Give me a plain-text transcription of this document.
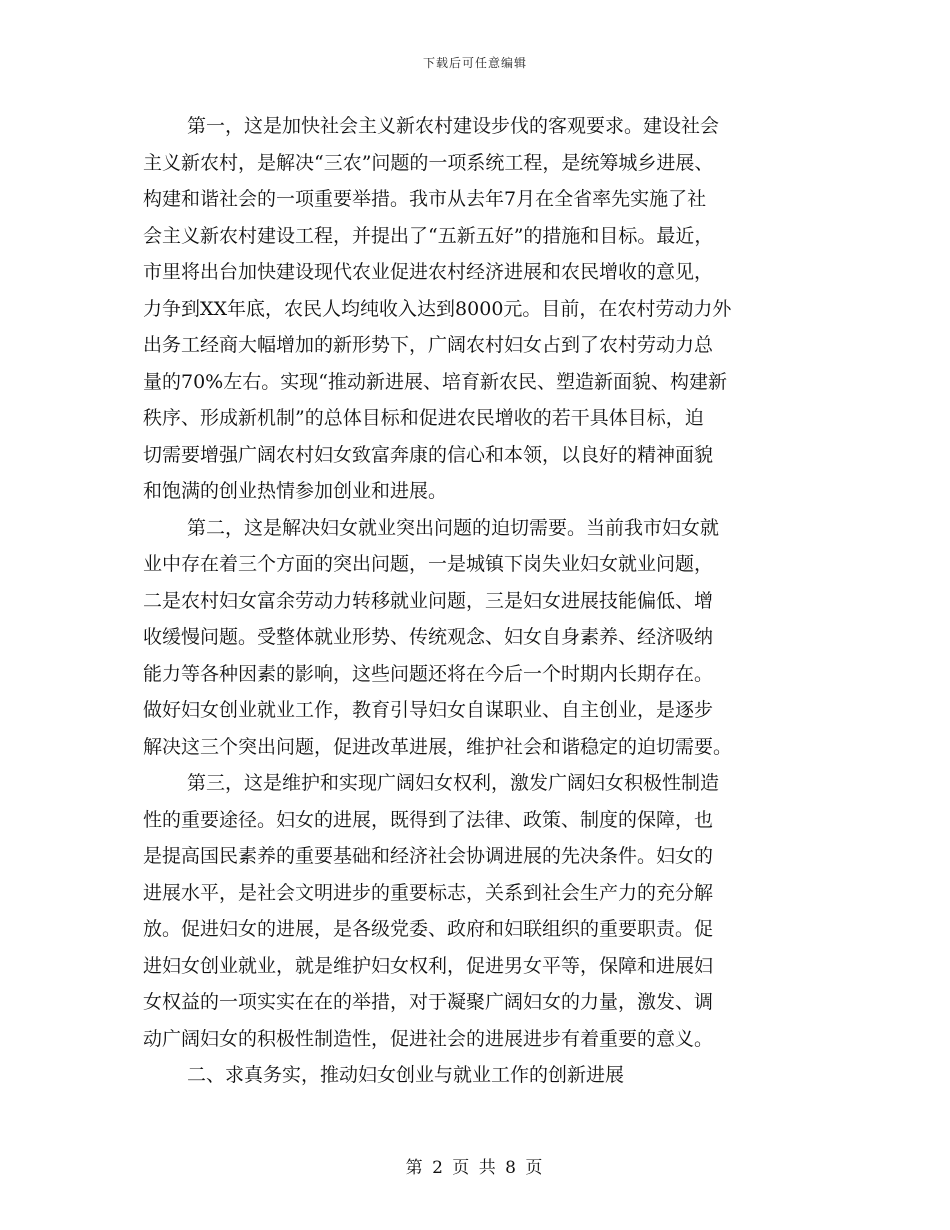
下载后可任意编辑
第一，这是加快社会主义新农村建设步伐的客观要求。建设社会
主义新农村，是解决“三农”问题的一项系统工程，是统筹城乡进展、
构建和谐社会的一项重要举措。我市从去年7月在全省率先实施了社
会主义新农村建设工程，并提出了“五新五好”的措施和目标。最近，
市里将出台加快建设现代农业促进农村经济进展和农民增收的意见，
力争到XX年底，农民人均纯收入达到8000元。目前，在农村劳动力外
出务工经商大幅增加的新形势下，广阔农村妇女占到了农村劳动力总
量的70%左右。实现“推动新进展、培育新农民、塑造新面貌、构建新
秩序、形成新机制”的总体目标和促进农民增收的若干具体目标，迫
切需要增强广阔农村妇女致富奔康的信心和本领，以良好的精神面貌
和饱满的创业热情参加创业和进展。
第二，这是解决妇女就业突出问题的迫切需要。当前我市妇女就
业中存在着三个方面的突出问题，一是城镇下岗失业妇女就业问题，
二是农村妇女富余劳动力转移就业问题，三是妇女进展技能偏低、增
收缓慢问题。受整体就业形势、传统观念、妇女自身素养、经济吸纳
能力等各种因素的影响，这些问题还将在今后一个时期内长期存在。
做好妇女创业就业工作，教育引导妇女自谋职业、自主创业，是逐步
解决这三个突出问题，促进改革进展，维护社会和谐稳定的迫切需要。
第三，这是维护和实现广阔妇女权利，激发广阔妇女积极性制造
性的重要途径。妇女的进展，既得到了法律、政策、制度的保障，也
是提高国民素养的重要基础和经济社会协调进展的先决条件。妇女的
进展水平，是社会文明进步的重要标志，关系到社会生产力的充分解
放。促进妇女的进展，是各级党委、政府和妇联组织的重要职责。促
进妇女创业就业，就是维护妇女权利，促进男女平等，保障和进展妇
女权益的一项实实在在的举措，对于凝聚广阔妇女的力量，激发、调
动广阔妇女的积极性制造性，促进社会的进展进步有着重要的意义。
二、求真务实，推动妇女创业与就业工作的创新进展
第 2 页 共 8 页
